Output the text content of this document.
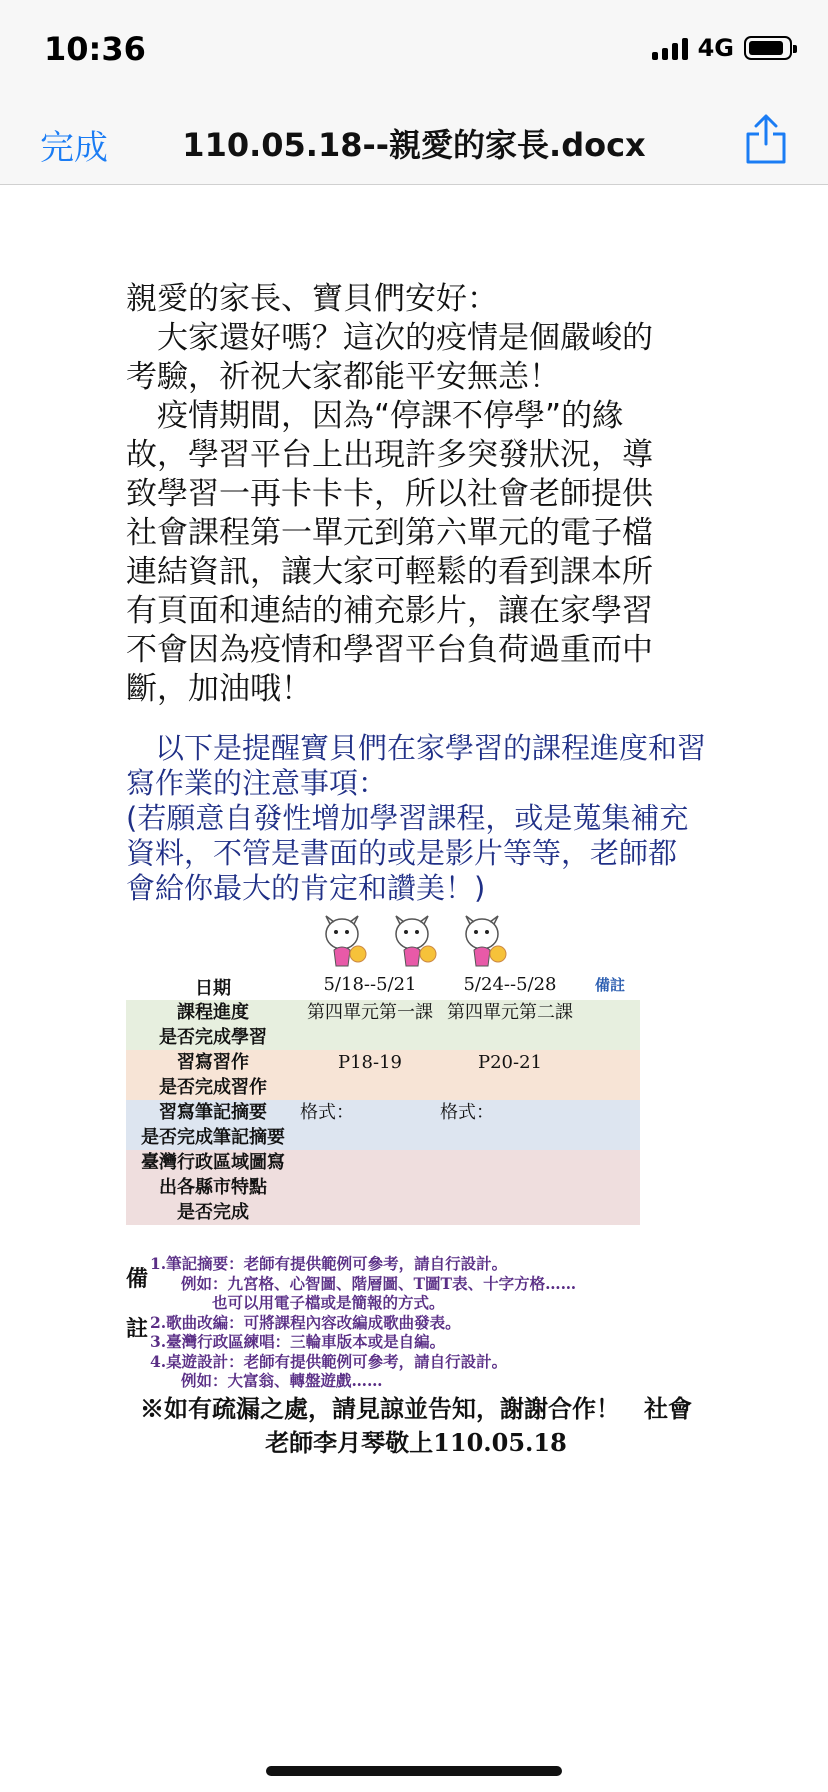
10:36	4G
完成	110.05.18--親愛的家長.docx

親愛的家長、寶貝們安好：

　大家還好嗎？這次的疫情是個嚴峻的

考驗，祈祝大家都能平安無恙！

　疫情期間，因為“停課不停學”的緣

故，學習平台上出現許多突發狀況，導

致學習一再卡卡卡，所以社會老師提供

社會課程第一單元到第六單元的電子檔

連結資訊，讓大家可輕鬆的看到課本所

有頁面和連結的補充影片，讓在家學習

不會因為疫情和學習平台負荷過重而中

斷，加油哦！

　以下是提醒寶貝們在家學習的課程進度和習

寫作業的注意事項：

(若願意自發性增加學習課程，或是蒐集補充

資料，不管是書面的或是影片等等，老師都

會給你最大的肯定和讚美！)

日期	5/18--5/21	5/24--5/28	備註

課程進度
是否完成學習	第四單元第一課	第四單元第二課	

習寫習作
是否完成習作	P18-19	P20-21	

習寫筆記摘要
是否完成筆記摘要	格式：	格式：	

臺灣行政區域圖寫
出各縣市特點
是否完成			

備
註
1.筆記摘要：老師有提供範例可參考，請自行設計。
　　例如：九宮格、心智圖、階層圖、T圖T表、十字方格……
　　　　也可以用電子檔或是簡報的方式。
2.歌曲改編：可將課程內容改編成歌曲發表。
3.臺灣行政區練唱：三輪車版本或是自編。
4.桌遊設計：老師有提供範例可參考，請自行設計。
　　例如：大富翁、轉盤遊戲……
※如有疏漏之處，請見諒並告知，謝謝合作！　社會
老師李月琴敬上110.05.18
